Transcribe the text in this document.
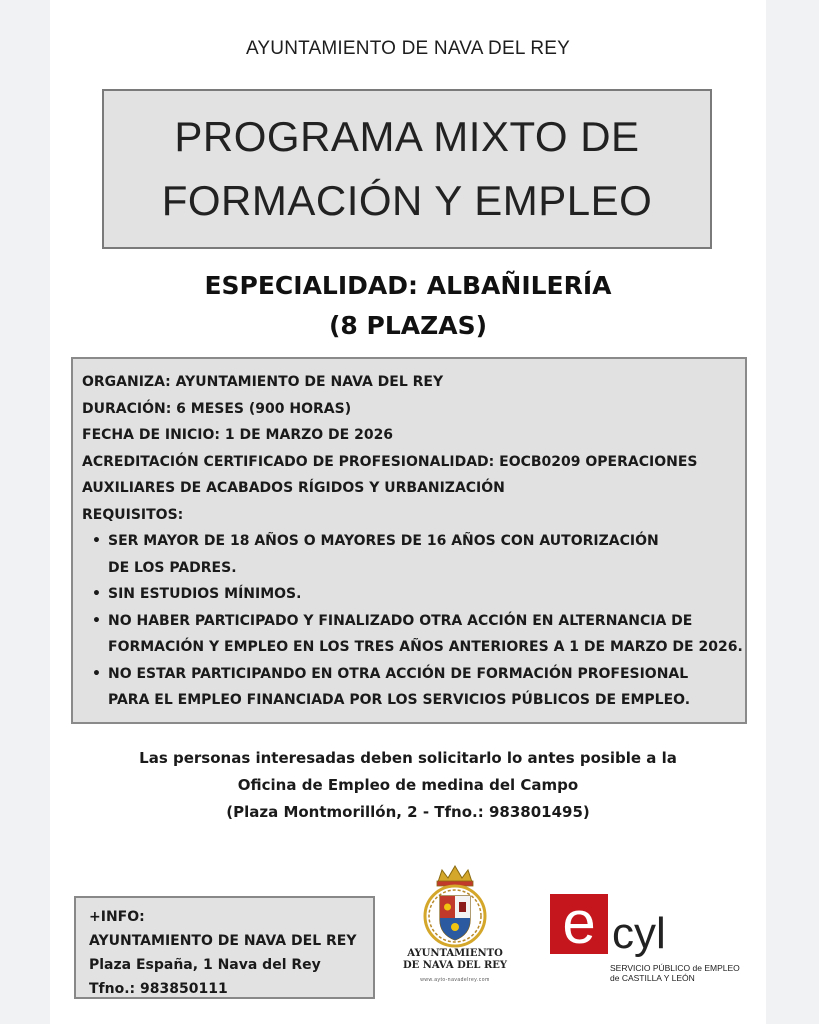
AYUNTAMIENTO DE NAVA DEL REY
PROGRAMA MIXTO DE
FORMACIÓN Y EMPLEO
ESPECIALIDAD: ALBAÑILERÍA
(8 PLAZAS)
ORGANIZA: AYUNTAMIENTO DE NAVA DEL REY
DURACIÓN: 6 MESES (900 HORAS)
FECHA DE INICIO: 1 DE MARZO DE 2026
ACREDITACIÓN CERTIFICADO DE PROFESIONALIDAD: EOCB0209 OPERACIONES
AUXILIARES DE ACABADOS RÍGIDOS Y URBANIZACIÓN
REQUISITOS:
• SER MAYOR DE 18 AÑOS O MAYORES DE 16 AÑOS CON AUTORIZACIÓN
DE LOS PADRES.
• SIN ESTUDIOS MÍNIMOS.
• NO HABER PARTICIPADO Y FINALIZADO OTRA ACCIÓN EN ALTERNANCIA DE
FORMACIÓN Y EMPLEO EN LOS TRES AÑOS ANTERIORES A 1 DE MARZO DE 2026.
• NO ESTAR PARTICIPANDO EN OTRA ACCIÓN DE FORMACIÓN PROFESIONAL
PARA EL EMPLEO FINANCIADA POR LOS SERVICIOS PÚBLICOS DE EMPLEO.
Las personas interesadas deben solicitarlo lo antes posible a la
Oficina de Empleo de medina del Campo
(Plaza Montmorillón, 2 - Tfno.: 983801495)
+INFO:
AYUNTAMIENTO DE NAVA DEL REY
Plaza España, 1 Nava del Rey
Tfno.: 983850111
AYUNTAMIENTO
DE NAVA DEL REY
www.ayto-navadelrey.com
e cyl
SERVICIO PÚBLICO de EMPLEO
de CASTILLA Y LEÓN
